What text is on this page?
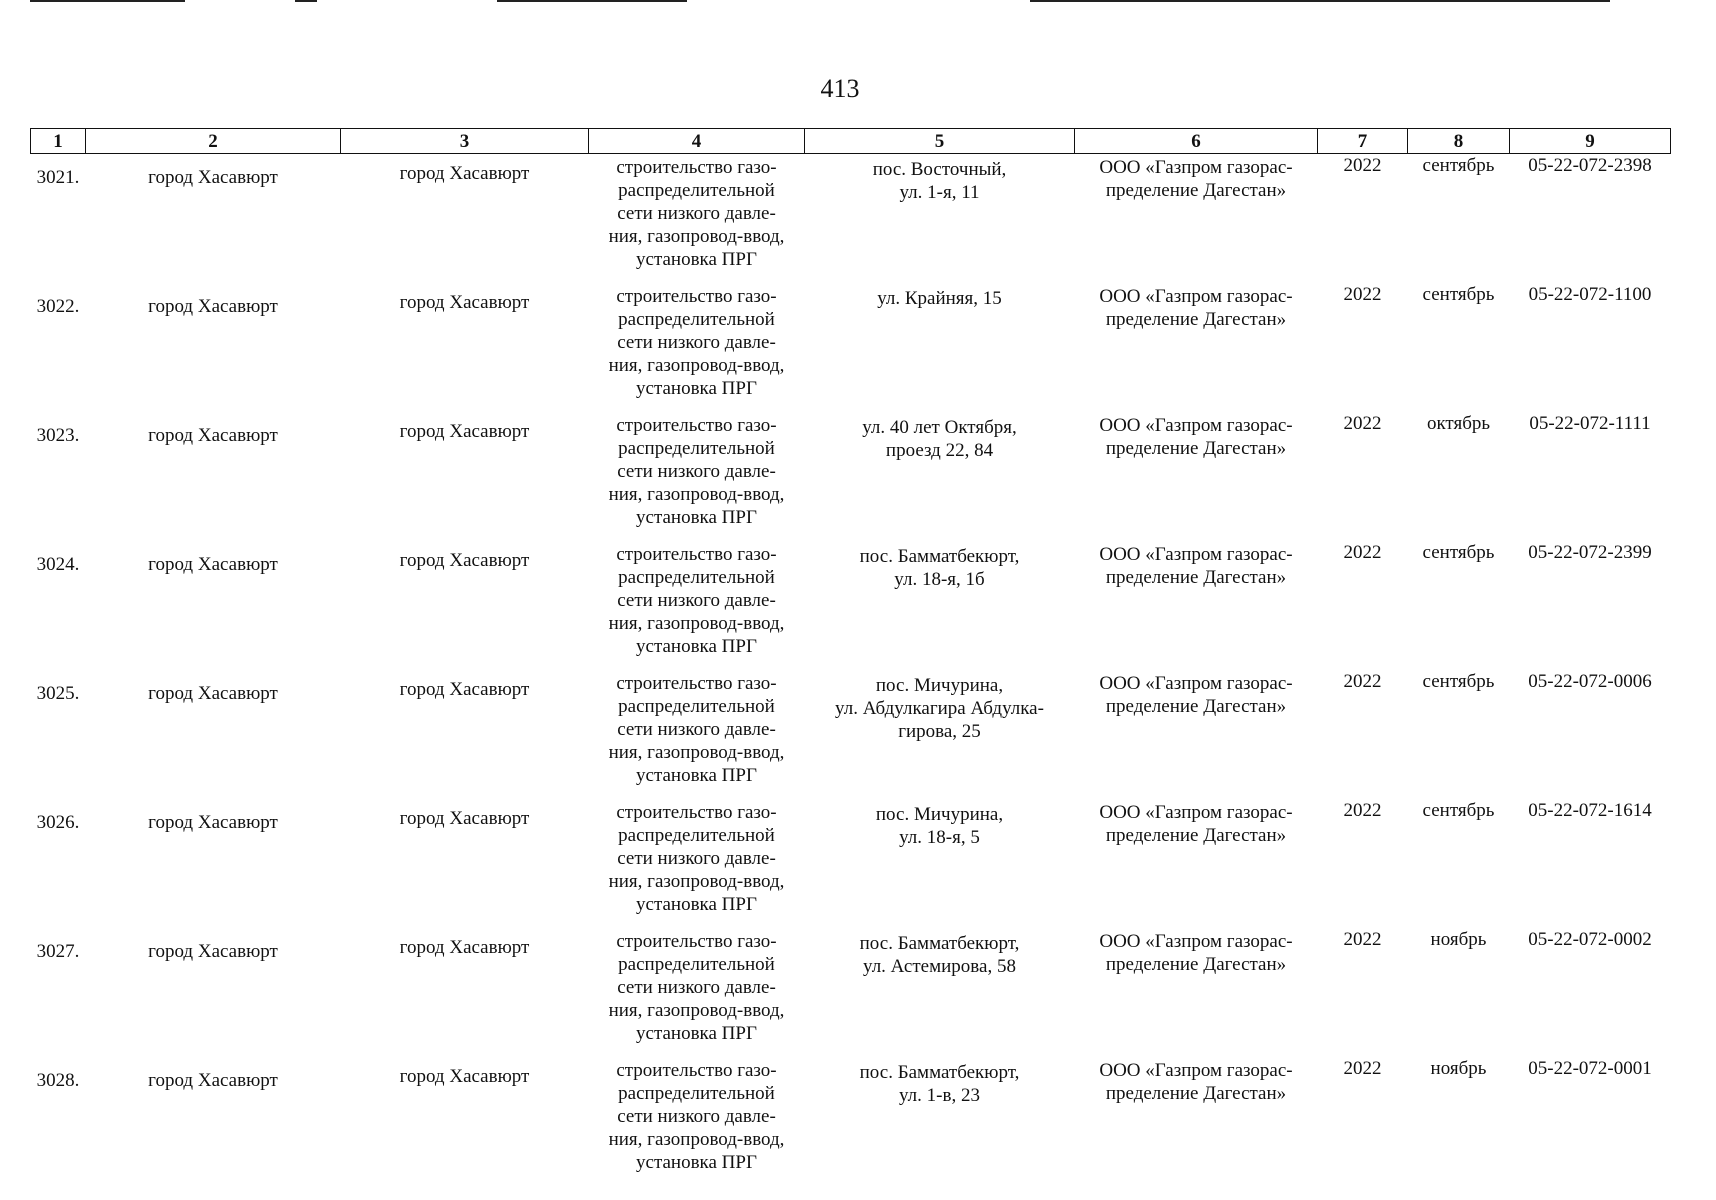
413
1	2	3	4	5	6	7	8	9
3021.	город Хасавюрт	город Хасавюрт	строительство газо-
распределительной
сети низкого давле-
ния, газопровод-ввод,
установка ПРГ	пос. Восточный,
ул. 1-я, 11	ООО «Газпром газорас-
пределение Дагестан»	2022	сентябрь	05-22-072-2398
3022.	город Хасавюрт	город Хасавюрт	строительство газо-
распределительной
сети низкого давле-
ния, газопровод-ввод,
установка ПРГ	ул. Крайняя, 15	ООО «Газпром газорас-
пределение Дагестан»	2022	сентябрь	05-22-072-1100
3023.	город Хасавюрт	город Хасавюрт	строительство газо-
распределительной
сети низкого давле-
ния, газопровод-ввод,
установка ПРГ	ул. 40 лет Октября,
проезд 22, 84	ООО «Газпром газорас-
пределение Дагестан»	2022	октябрь	05-22-072-1111
3024.	город Хасавюрт	город Хасавюрт	строительство газо-
распределительной
сети низкого давле-
ния, газопровод-ввод,
установка ПРГ	пос. Бамматбекюрт,
ул. 18-я, 1б	ООО «Газпром газорас-
пределение Дагестан»	2022	сентябрь	05-22-072-2399
3025.	город Хасавюрт	город Хасавюрт	строительство газо-
распределительной
сети низкого давле-
ния, газопровод-ввод,
установка ПРГ	пос. Мичурина,
ул. Абдулкагира Абдулка-
гирова, 25	ООО «Газпром газорас-
пределение Дагестан»	2022	сентябрь	05-22-072-0006
3026.	город Хасавюрт	город Хасавюрт	строительство газо-
распределительной
сети низкого давле-
ния, газопровод-ввод,
установка ПРГ	пос. Мичурина,
ул. 18-я, 5	ООО «Газпром газорас-
пределение Дагестан»	2022	сентябрь	05-22-072-1614
3027.	город Хасавюрт	город Хасавюрт	строительство газо-
распределительной
сети низкого давле-
ния, газопровод-ввод,
установка ПРГ	пос. Бамматбекюрт,
ул. Астемирова, 58	ООО «Газпром газорас-
пределение Дагестан»	2022	ноябрь	05-22-072-0002
3028.	город Хасавюрт	город Хасавюрт	строительство газо-
распределительной
сети низкого давле-
ния, газопровод-ввод,
установка ПРГ	пос. Бамматбекюрт,
ул. 1-в, 23	ООО «Газпром газорас-
пределение Дагестан»	2022	ноябрь	05-22-072-0001
